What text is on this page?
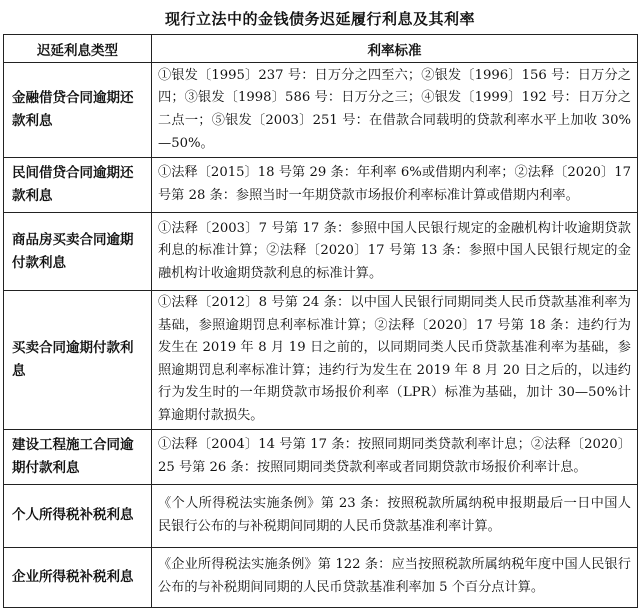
现行立法中的金钱债务迟延履行利息及其利率
迟延利息类型	利率标准
金融借贷合同逾期还款利息	①银发〔1995〕237 号：日万分之四至六；②银发〔1996〕156 号：日万分之四；③银发〔1998〕586 号：日万分之三；④银发〔1999〕192 号：日万分之二点一；⑤银发〔2003〕251 号：在借款合同载明的贷款利率水平上加收 30%—50%。
民间借贷合同逾期还款利息	①法释〔2015〕18 号第 29 条：年利率 6%或借期内利率；②法释〔2020〕17 号第 28 条：参照当时一年期贷款市场报价利率标准计算或借期内利率。
商品房买卖合同逾期付款利息	①法释〔2003〕7 号第 17 条：参照中国人民银行规定的金融机构计收逾期贷款利息的标准计算；②法释〔2020〕17 号第 13 条：参照中国人民银行规定的金融机构计收逾期贷款利息的标准计算。
买卖合同逾期付款利息	①法释〔2012〕8 号第 24 条：以中国人民银行同期同类人民币贷款基准利率为基础，参照逾期罚息利率标准计算；②法释〔2020〕17 号第 18 条：违约行为发生在 2019 年 8 月 19 日之前的，以同期同类人民币贷款基准利率为基础，参照逾期罚息利率标准计算；违约行为发生在 2019 年 8 月 20 日之后的，以违约行为发生时的一年期贷款市场报价利率（LPR）标准为基础，加计 30—50%计算逾期付款损失。
建设工程施工合同逾期付款利息	①法释〔2004〕14 号第 17 条：按照同期同类贷款利率计息；②法释〔2020〕25 号第 26 条：按照同期同类贷款利率或者同期贷款市场报价利率计息。
个人所得税补税利息	《个人所得税法实施条例》第 23 条：按照税款所属纳税申报期最后一日中国人民银行公布的与补税期间同期的人民币贷款基准利率计算。
企业所得税补税利息	《企业所得税法实施条例》第 122 条：应当按照税款所属纳税年度中国人民银行公布的与补税期间同期的人民币贷款基准利率加 5 个百分点计算。
